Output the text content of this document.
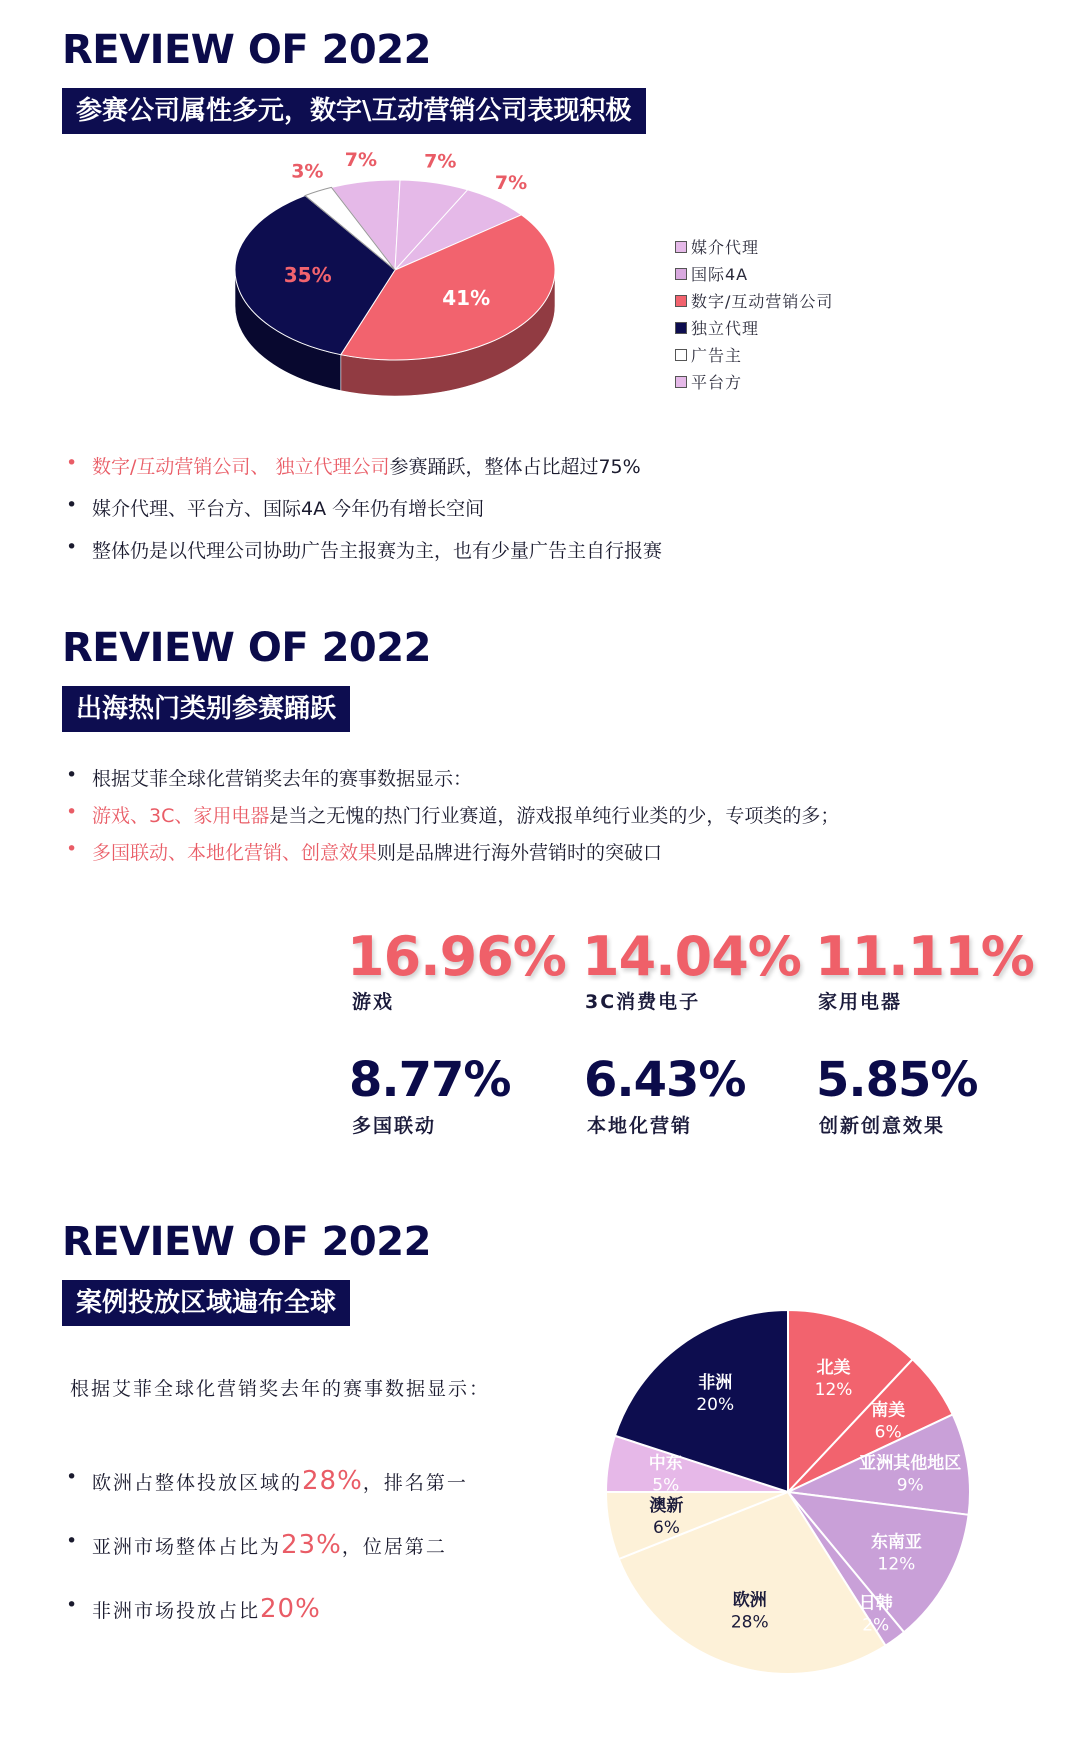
REVIEW OF 2022
参赛公司属性多元，数字\互动营销公司表现积极
7% 7%
7%
41%
35%
3%
媒介代理
国际4A
数字/互动营销公司
独立代理
广告主
平台方
• 数字/互动营销公司、 独立代理公司参赛踊跃，整体占比超过75%
• 媒介代理、平台方、国际4A 今年仍有增长空间
• 整体仍是以代理公司协助广告主报赛为主，也有少量广告主自行报赛
REVIEW OF 2022
出海热门类别参赛踊跃
• 根据艾菲全球化营销奖去年的赛事数据显示：
• 游戏、3C、家用电器是当之无愧的热门行业赛道，游戏报单纯行业类的少，专项类的多；
• 多国联动、本地化营销、创意效果则是品牌进行海外营销时的突破口
16.96%
游戏
14.04%
3C消费电子
11.11%
家用电器
8.77%
多国联动
6.43%
本地化营销
5.85%
创新创意效果
REVIEW OF 2022
案例投放区域遍布全球
根据艾菲全球化营销奖去年的赛事数据显示：
• 欧洲占整体投放区域的28%，排名第一
• 亚洲市场整体占比为23%，位居第二
• 非洲市场投放占比20%
北美
12%
南美
6%
亚洲其他地区
9%
东南亚
12%
日韩
2%
欧洲
28%
澳新
6%
中东
5%
非洲
20%
